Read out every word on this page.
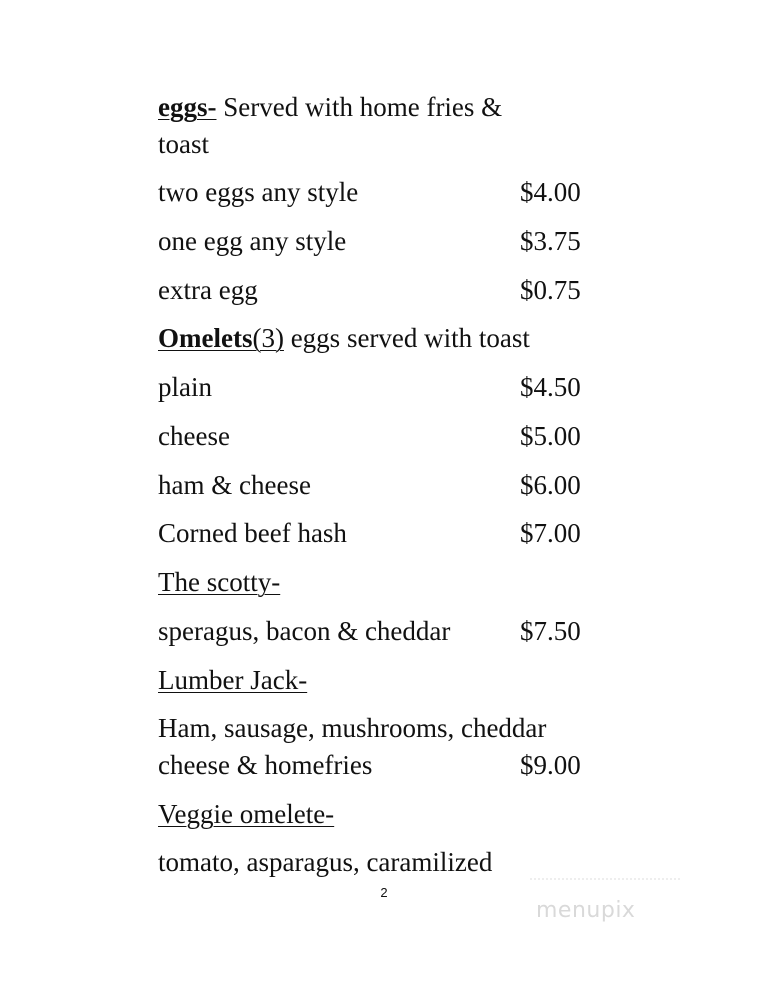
eggs- Served with home fries &

toast

two eggs any style	$4.00

one egg any style	$3.75

extra egg	$0.75

Omelets(3) eggs served with toast

plain	$4.50

cheese	$5.00

ham & cheese	$6.00

Corned beef hash	$7.00

The scotty-

speragus, bacon & cheddar	$7.50

Lumber Jack-

Ham, sausage, mushrooms, cheddar

cheese & homefries	$9.00

Veggie omelete-

tomato, asparagus, caramilized

2

menupix
